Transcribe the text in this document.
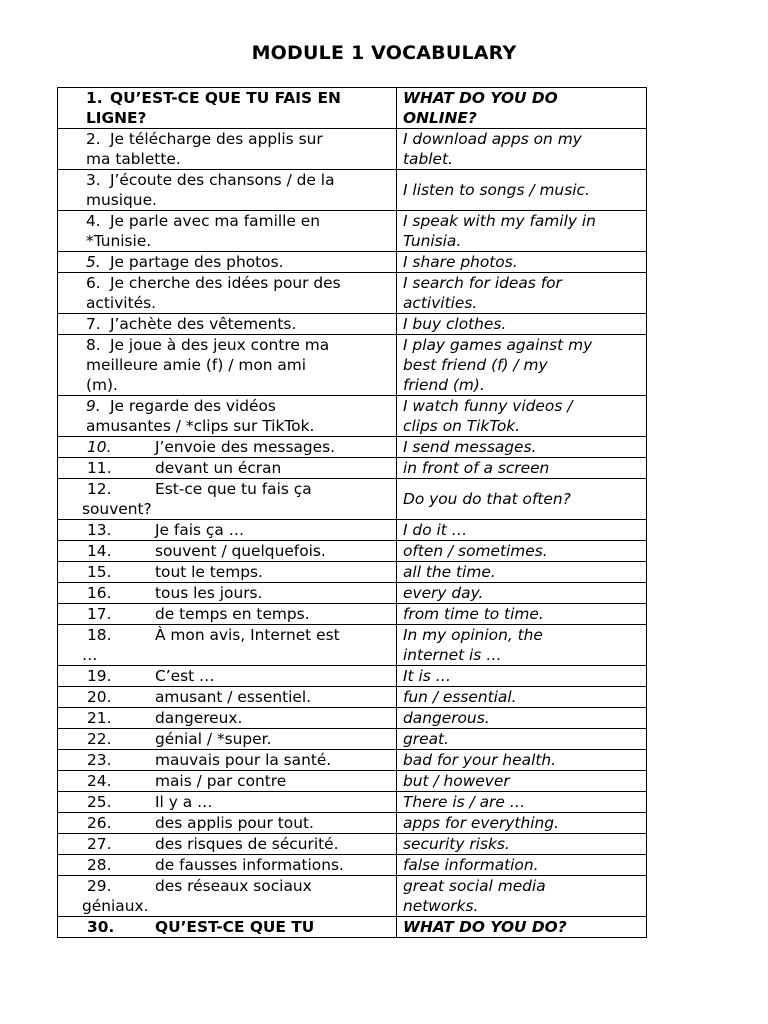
MODULE 1 VOCABULARY
1. QU’EST-CE QUE TU FAIS EN
LIGNE?	WHAT DO YOU DO
ONLINE?

2. Je télécharge des applis sur
ma tablette.	I download apps on my
tablet.

3. J’écoute des chansons / de la
musique.	I listen to songs / music.

4. Je parle avec ma famille en
*Tunisie.	I speak with my family in
Tunisia.

5. Je partage des photos.	I share photos.

6. Je cherche des idées pour des
activités.	I search for ideas for
activities.

7. J’achète des vêtements.	I buy clothes.

8. Je joue à des jeux contre ma
meilleure amie (f) / mon ami
(m).	I play games against my
best friend (f) / my
friend (m).

9. Je regarde des vidéos
amusantes / *clips sur TikTok.	I watch funny videos /
clips on TikTok.

10. J’envoie des messages.	I send messages.

11. devant un écran	in front of a screen

12. Est-ce que tu fais ça
souvent?	Do you do that often?

13. Je fais ça …	I do it …

14. souvent / quelquefois.	often / sometimes.

15. tout le temps.	all the time.

16. tous les jours.	every day.

17. de temps en temps.	from time to time.

18. À mon avis, Internet est
…	In my opinion, the
internet is …

19. C’est …	It is …

20. amusant / essentiel.	fun / essential.

21. dangereux.	dangerous.

22. génial / *super.	great.

23. mauvais pour la santé.	bad for your health.

24. mais / par contre	but / however

25. Il y a …	There is / are …

26. des applis pour tout.	apps for everything.

27. des risques de sécurité.	security risks.

28. de fausses informations.	false information.

29. des réseaux sociaux
géniaux.	great social media
networks.

30. QU’EST-CE QUE TU	WHAT DO YOU DO?
